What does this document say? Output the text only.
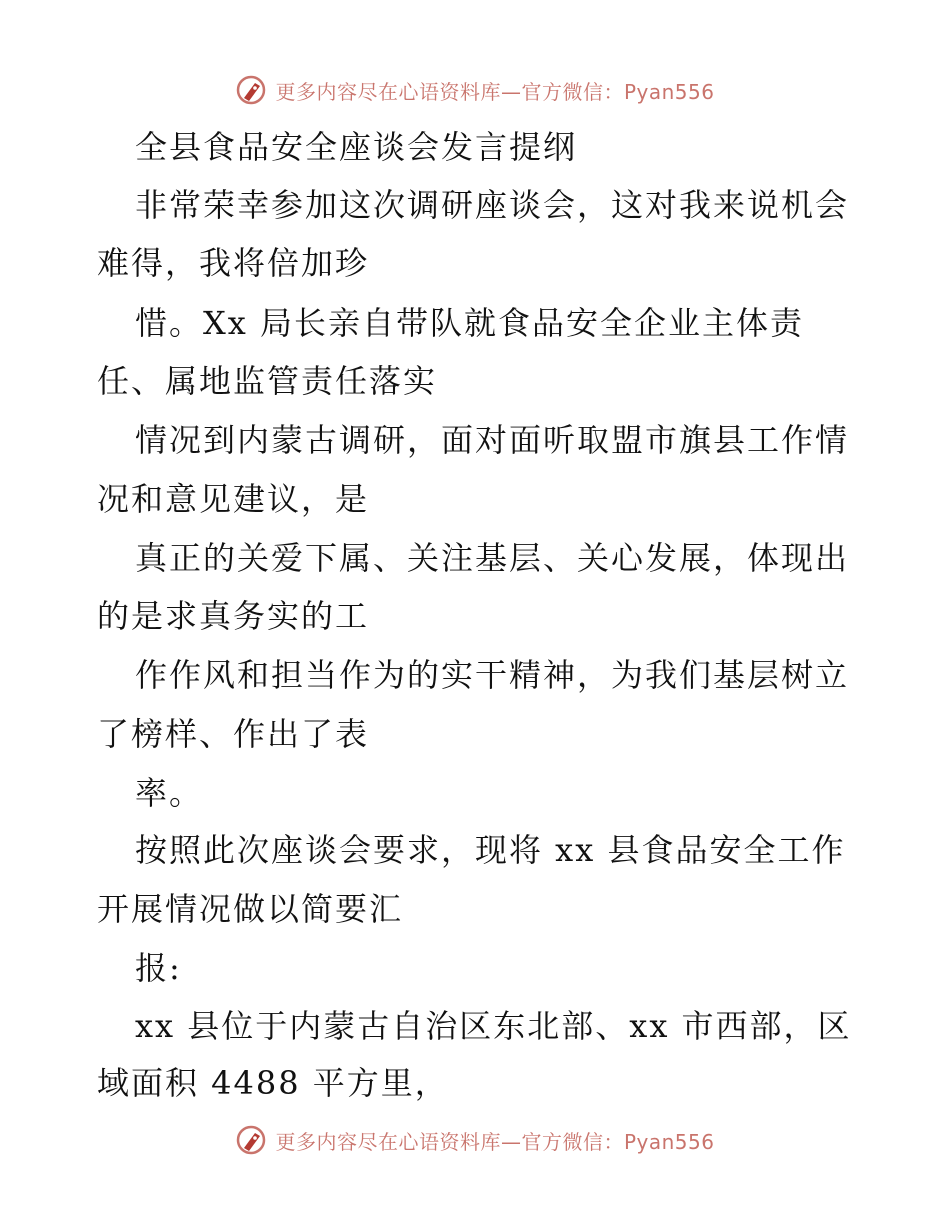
更多内容尽在心语资料库—官方微信：Pyan556
全县食品安全座谈会发言提纲
非常荣幸参加这次调研座谈会，这对我来说机会
难得，我将倍加珍
惜。Xx 局长亲自带队就食品安全企业主体责
任、属地监管责任落实
情况到内蒙古调研，面对面听取盟市旗县工作情
况和意见建议，是
真正的关爱下属、关注基层、关心发展，体现出
的是求真务实的工
作作风和担当作为的实干精神，为我们基层树立
了榜样、作出了表
率。
按照此次座谈会要求，现将 xx 县食品安全工作
开展情况做以简要汇
报:
xx 县位于内蒙古自治区东北部、xx 市西部，区
域面积 4488 平方里，
更多内容尽在心语资料库—官方微信：Pyan556
